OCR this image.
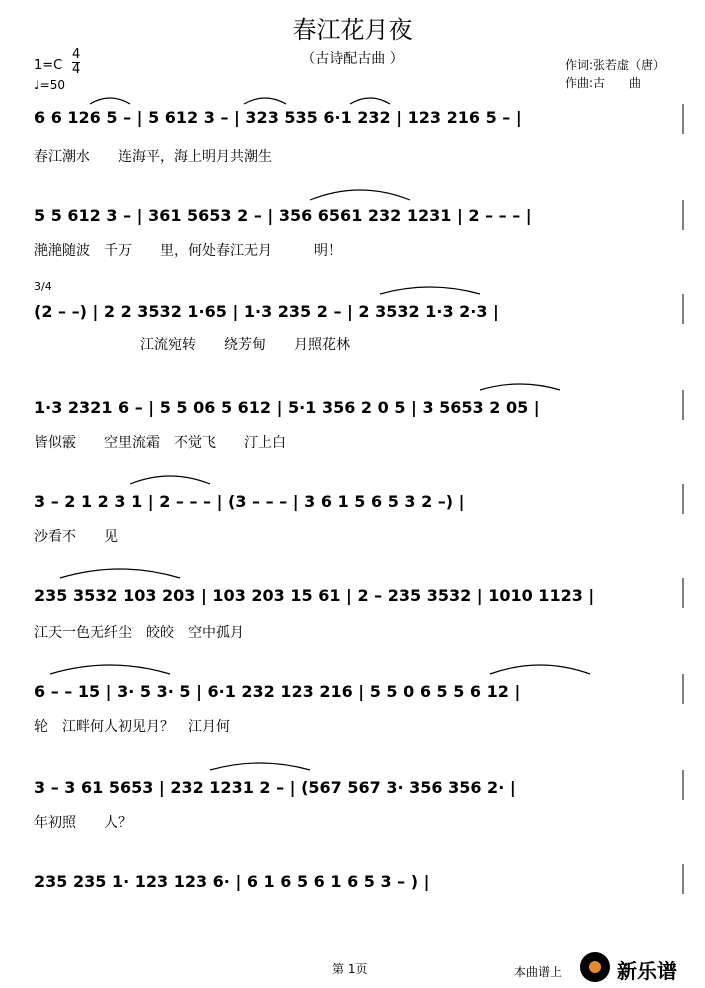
春江花月夜
（古诗配古曲 ）	作词:张若虚（唐）
作曲:古　　曲
1=C
4
4
♩=50
3/4
6 6 126 5 – | 5 612 3 – | 323 535 6·1 232 | 123 216 5 – |
春江潮水　　连海平，海上明月共潮生
5 5 612 3 – | 361 5653 2 – | 356 6561 232 1231 | 2 – – – |
滟滟随波　千万　　里，何处春江无月　　　明！
(2 – –) | 2 2 3532 1·65 | 1·3 235 2 – | 2 3532 1·3 2·3 |
江流宛转　　绕芳甸　　月照花林
1·3 2321 6 – | 5 5 06 5 612 | 5·1 356 2 0 5 | 3 5653 2 05 |
皆似霰　　空里流霜　不觉飞　　汀上白
3 – 2 1 2 3 1 | 2 – – – | (3 – – – | 3 6 1 5 6 5 3 2 –) |
沙看不　　见
235 3532 103 203 | 103 203 15 61 | 2 – 235 3532 | 1010 1123 |
江天一色无纤尘　皎皎　空中孤月
6 – – 15 | 3· 5 3· 5 | 6·1 232 123 216 | 5 5 0 6 5 5 6 12 |
轮　江畔何人初见月？　江月何
3 – 3 61 5653 | 232 1231 2 – | (567 567 3· 356 356 2· |
年初照　　人？
235 235 1· 123 123 6· | 6 1 6 5 6 1 6 5 3 – ) |
第 1页	本曲谱上	新乐谱
